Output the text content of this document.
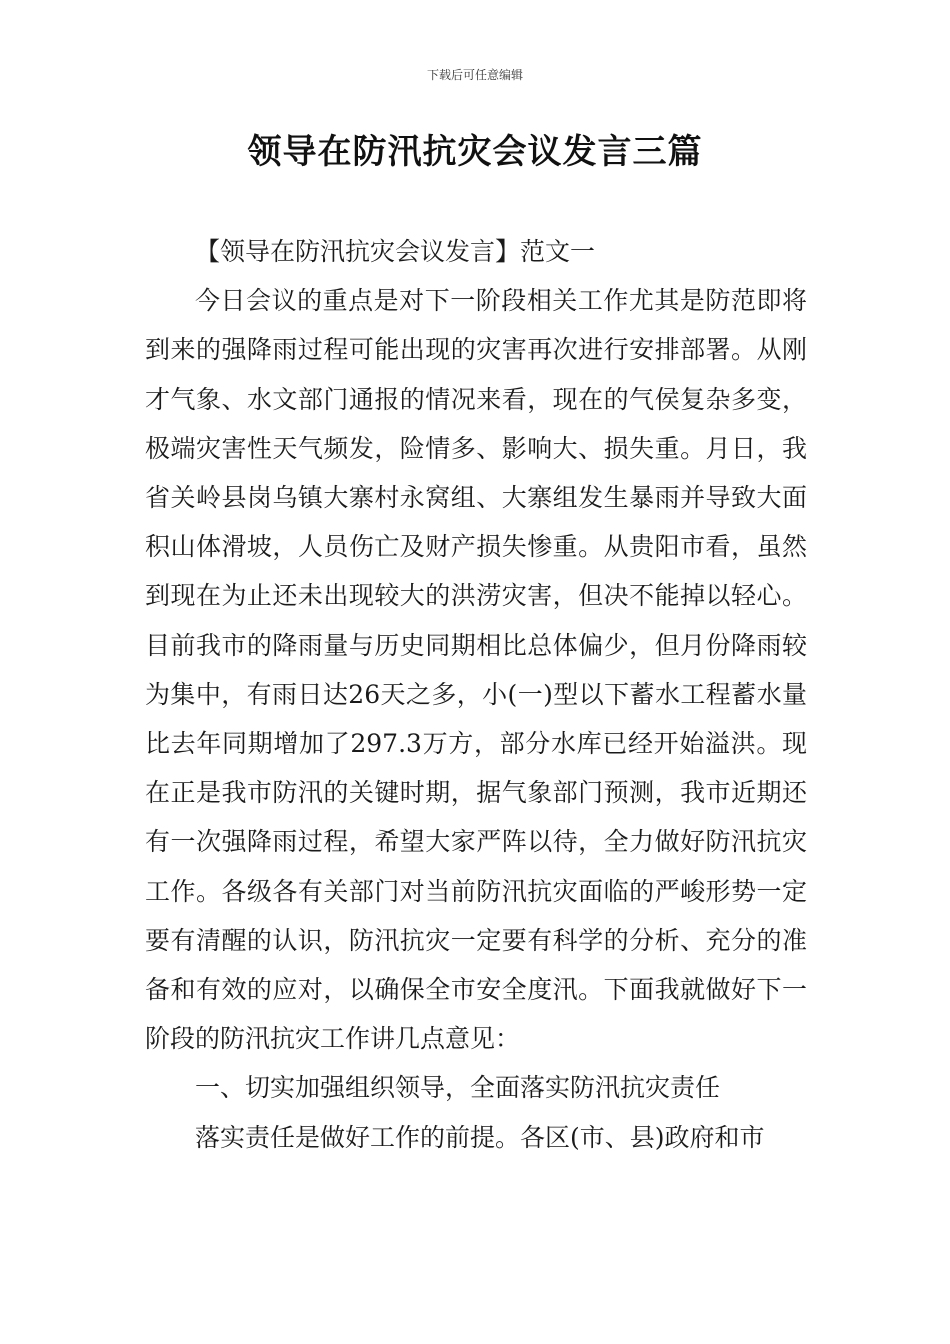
下载后可任意编辑
领导在防汛抗灾会议发言三篇

【领导在防汛抗灾会议发言】范文一

今日会议的重点是对下一阶段相关工作尤其是防范即将到来的强降雨过程可能出现的灾害再次进行安排部署。从刚才气象、水文部门通报的情况来看，现在的气侯复杂多变，极端灾害性天气频发，险情多、影响大、损失重。月日，我省关岭县岗乌镇大寨村永窝组、大寨组发生暴雨并导致大面积山体滑坡，人员伤亡及财产损失惨重。从贵阳市看，虽然到现在为止还未出现较大的洪涝灾害，但决不能掉以轻心。目前我市的降雨量与历史同期相比总体偏少，但月份降雨较为集中，有雨日达26天之多，小(一)型以下蓄水工程蓄水量比去年同期增加了297.3万方，部分水库已经开始溢洪。现在正是我市防汛的关键时期，据气象部门预测，我市近期还有一次强降雨过程，希望大家严阵以待，全力做好防汛抗灾工作。各级各有关部门对当前防汛抗灾面临的严峻形势一定要有清醒的认识，防汛抗灾一定要有科学的分析、充分的准备和有效的应对，以确保全市安全度汛。下面我就做好下一阶段的防汛抗灾工作讲几点意见：

一、切实加强组织领导，全面落实防汛抗灾责任

落实责任是做好工作的前提。各区(市、县)政府和市
